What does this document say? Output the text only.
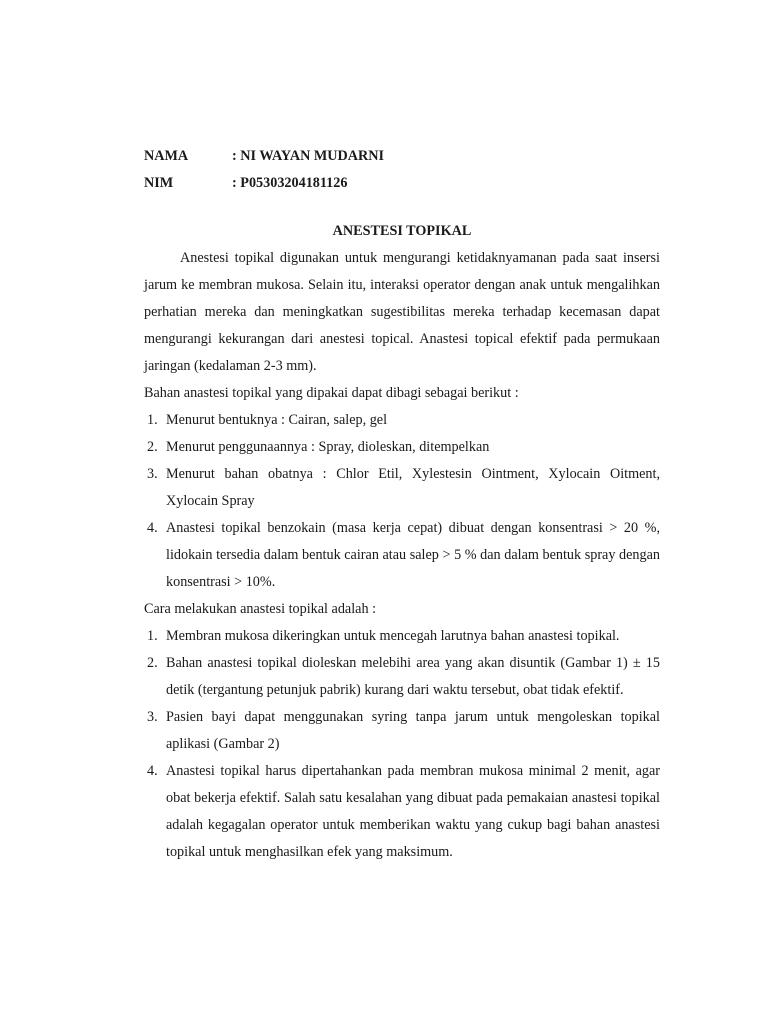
NAMA	: NI WAYAN MUDARNI
NIM	: P05303204181126
ANESTESI TOPIKAL

Anestesi topikal digunakan untuk mengurangi ketidaknyamanan pada saat insersi jarum ke membran mukosa. Selain itu, interaksi operator dengan anak untuk mengalihkan perhatian mereka dan meningkatkan sugestibilitas mereka terhadap kecemasan dapat mengurangi kekurangan dari anestesi topical. Anastesi topical efektif pada permukaan jaringan (kedalaman 2-3 mm).

Bahan anastesi topikal yang dipakai dapat dibagi sebagai berikut :

1. Menurut bentuknya : Cairan, salep, gel
2. Menurut penggunaannya : Spray, dioleskan, ditempelkan
3. Menurut bahan obatnya : Chlor Etil, Xylestesin Ointment, Xylocain Oitment, Xylocain Spray
4. Anastesi topikal benzokain (masa kerja cepat) dibuat dengan konsentrasi > 20 %, lidokain tersedia dalam bentuk cairan atau salep > 5 % dan dalam bentuk spray dengan konsentrasi > 10%.

Cara melakukan anastesi topikal adalah :

1. Membran mukosa dikeringkan untuk mencegah larutnya bahan anastesi topikal.
2. Bahan anastesi topikal dioleskan melebihi area yang akan disuntik (Gambar 1) ± 15 detik (tergantung petunjuk pabrik) kurang dari waktu tersebut, obat tidak efektif.
3. Pasien bayi dapat menggunakan syring tanpa jarum untuk mengoleskan topikal aplikasi (Gambar 2)
4. Anastesi topikal harus dipertahankan pada membran mukosa minimal 2 menit, agar obat bekerja efektif. Salah satu kesalahan yang dibuat pada pemakaian anastesi topikal adalah kegagalan operator untuk memberikan waktu yang cukup bagi bahan anastesi topikal untuk menghasilkan efek yang maksimum.
